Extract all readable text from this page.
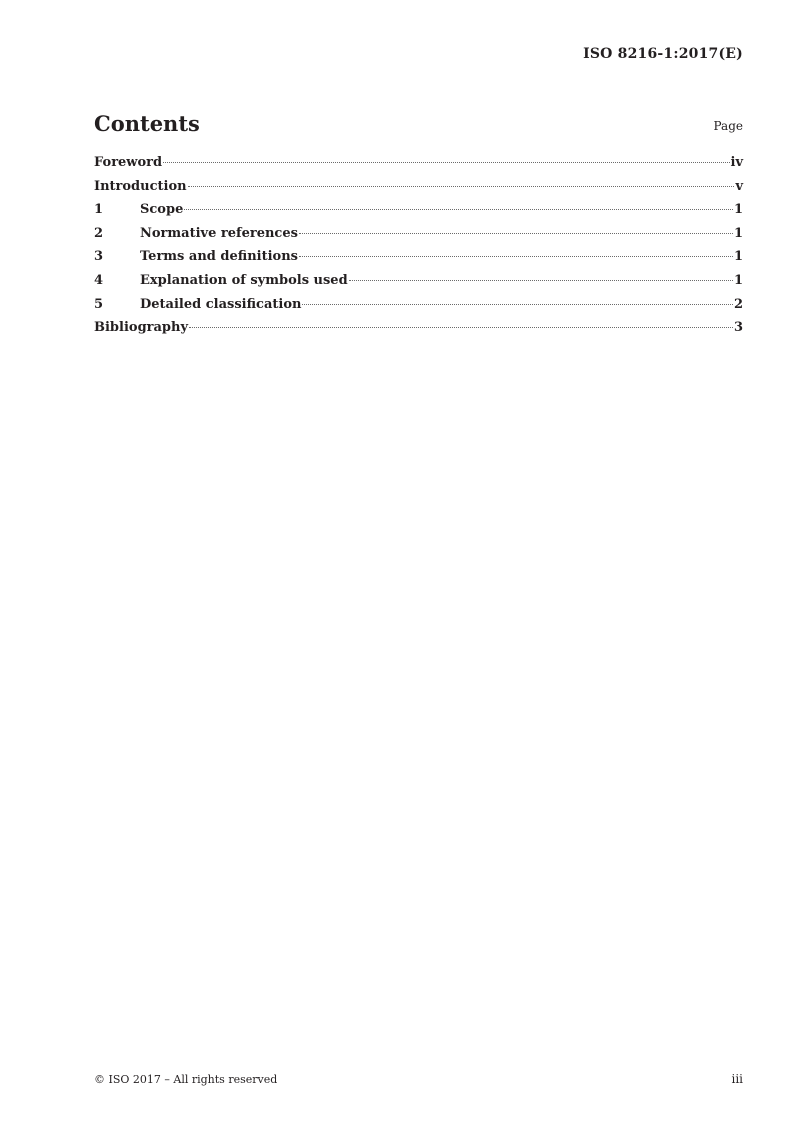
ISO 8216-1:2017(E)
Contents	Page
Foreword	iv
Introduction	v
1	Scope	1
2	Normative references	1
3	Terms and definitions	1
4	Explanation of symbols used	1
5	Detailed classification	2
Bibliography	3
© ISO 2017 – All rights reserved	iii
